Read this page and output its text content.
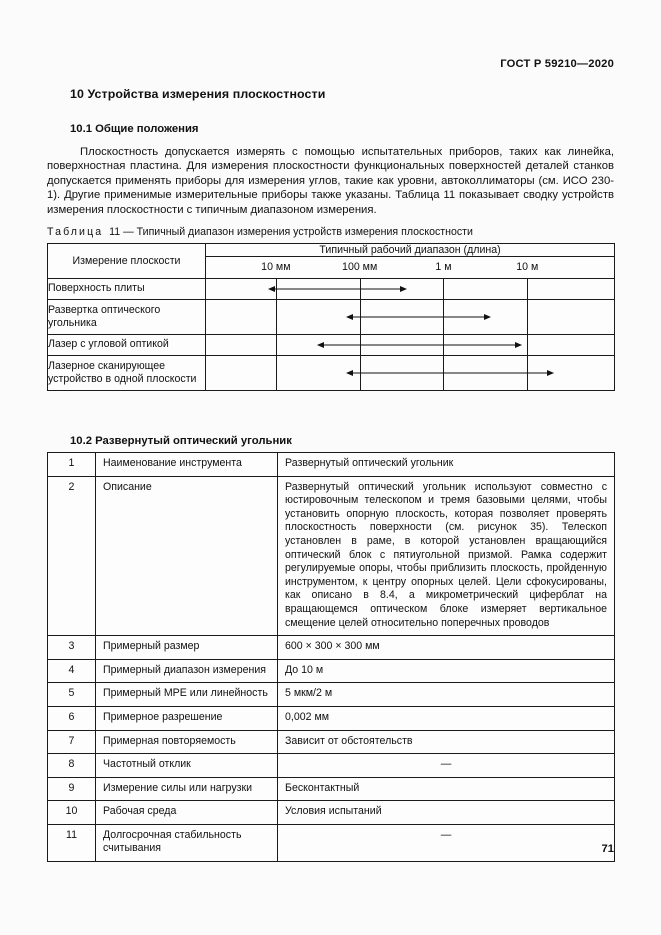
ГОСТ Р 59210—2020
10 Устройства измерения плоскостности
10.1 Общие положения
Плоскостность допускается измерять с помощью испытательных приборов, таких как линейка, поверхностная пластина. Для измерения плоскостности функциональных поверхностей деталей станков допускается применять приборы для измерения углов, такие как уровни, автоколлиматоры (см. ИСО 230-1). Другие применимые измерительные приборы также указаны. Таблица 11 показывает сводку устройств измерения плоскостности с типичным диапазоном измерения.
Таблица 11 — Типичный диапазон измерения устройств измерения плоскостности
Измерение плоскости	Типичный рабочий диапазон (длина)

	10 мм 100 мм 1 м 10 м

Поверхность плиты	

Развертка оптического угольника	

Лазер с угловой оптикой	

Лазерное сканирующее устройство в одной плоскости	
10.2 Развернутый оптический угольник
1	Наименование инструмента	Развернутый оптический угольник
2	Описание	Развернутый оптический угольник используют совместно с юстировочным телескопом и тремя базовыми целями, чтобы установить опорную плоскость, которая позволяет проверять плоскостность поверхности (см. рисунок 35). Телескоп установлен в раме, в которой установлен вращающийся оптический блок с пятиугольной призмой. Рамка содержит регулируемые опоры, чтобы приблизить плоскость, пройденную инструментом, к центру опорных целей. Цели сфокусированы, как описано в 8.4, а микрометрический циферблат на вращающемся оптическом блоке измеряет вертикальное смещение целей относительно поперечных проводов
3	Примерный размер	600 × 300 × 300 мм
4	Примерный диапазон измерения	До 10 м
5	Примерный MPE или линейность	5 мкм/2 м
6	Примерное разрешение	0,002 мм
7	Примерная повторяемость	Зависит от обстоятельств
8	Частотный отклик	—
9	Измерение силы или нагрузки	Бесконтактный
10	Рабочая среда	Условия испытаний
11	Долгосрочная стабильность считывания	—
71
